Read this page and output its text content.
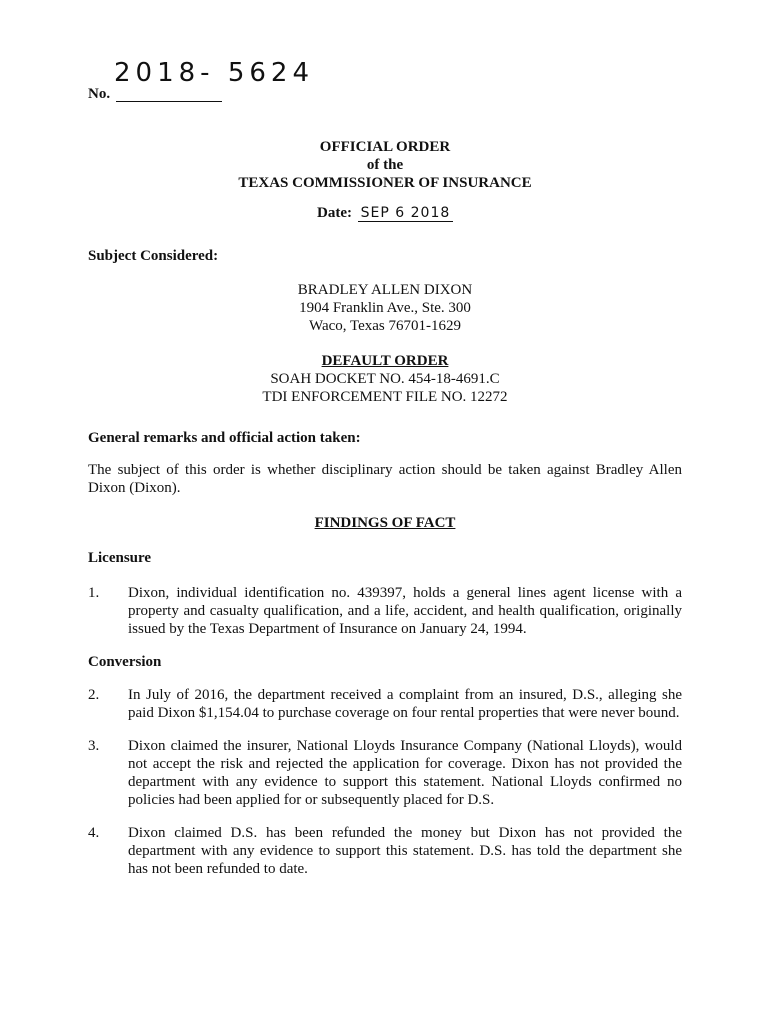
No.
2018- 5624
OFFICIAL ORDER
of the
TEXAS COMMISSIONER OF INSURANCE
Date: SEP 6 2018
Subject Considered:
BRADLEY ALLEN DIXON
1904 Franklin Ave., Ste. 300
Waco, Texas 76701-1629
DEFAULT ORDER
SOAH DOCKET NO. 454-18-4691.C
TDI ENFORCEMENT FILE NO. 12272
General remarks and official action taken:
The subject of this order is whether disciplinary action should be taken against Bradley Allen Dixon (Dixon).
FINDINGS OF FACT
Licensure
1. Dixon, individual identification no. 439397, holds a general lines agent license with a property and casualty qualification, and a life, accident, and health qualification, originally issued by the Texas Department of Insurance on January 24, 1994.
Conversion
2. In July of 2016, the department received a complaint from an insured, D.S., alleging she paid Dixon $1,154.04 to purchase coverage on four rental properties that were never bound.
3. Dixon claimed the insurer, National Lloyds Insurance Company (National Lloyds), would not accept the risk and rejected the application for coverage. Dixon has not provided the department with any evidence to support this statement. National Lloyds confirmed no policies had been applied for or subsequently placed for D.S.
4. Dixon claimed D.S. has been refunded the money but Dixon has not provided the department with any evidence to support this statement. D.S. has told the department she has not been refunded to date.
